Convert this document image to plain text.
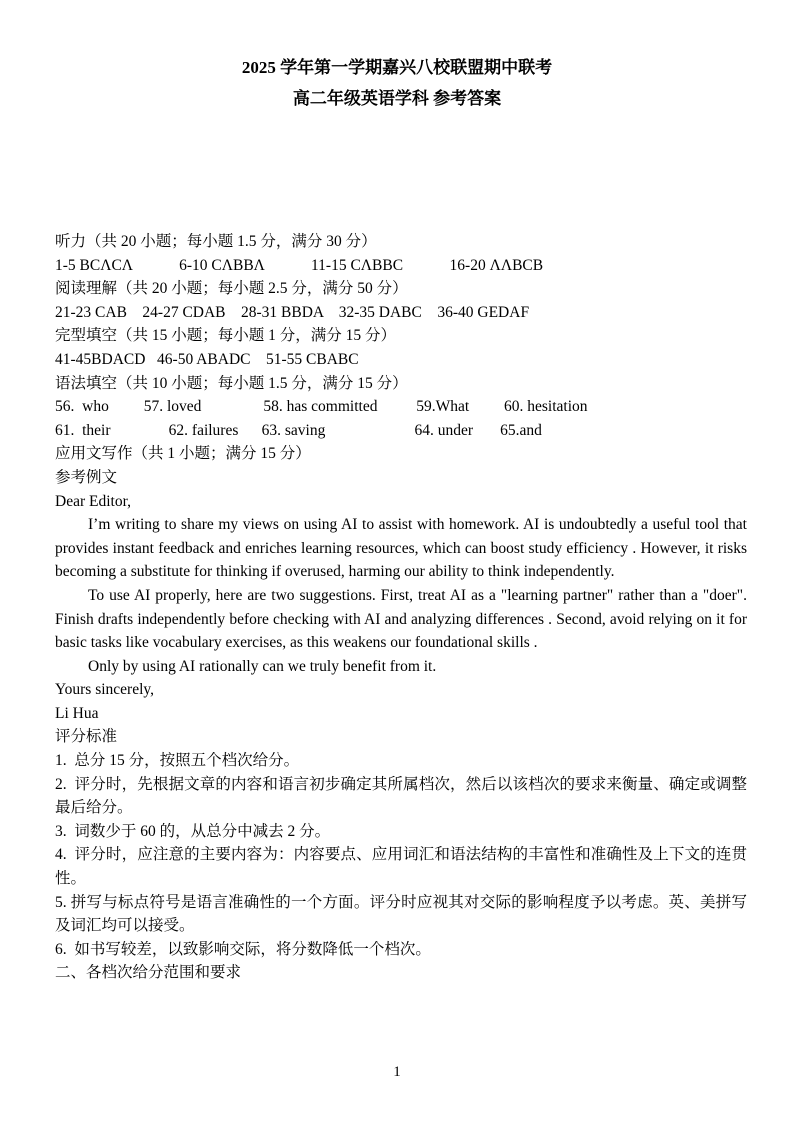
2025 学年第一学期嘉兴八校联盟期中联考
高二年级英语学科 参考答案
听力（共 20 小题；每小题 1.5 分，满分 30 分）
1-5 BCΛCΛ            6-10 CΛBBΛ            11-15 CΛBBC            16-20 ΛΛBCB
阅读理解（共 20 小题；每小题 2.5 分，满分 50 分）
21-23 CAB    24-27 CDAB    28-31 BBDA    32-35 DABC    36-40 GEDAF
完型填空（共 15 小题；每小题 1 分，满分 15 分）
41-45BDACD   46-50 ABADC    51-55 CBABC
语法填空（共 10 小题；每小题 1.5 分，满分 15 分）
56.  who         57. loved                58. has committed          59.What         60. hesitation
61.  their               62. failures      63. saving                       64. under       65.and
应用文写作（共 1 小题；满分 15 分）
参考例文
Dear Editor,
I’m writing to share my views on using AI to assist with homework. AI is undoubtedly a useful tool that provides instant feedback and enriches learning resources, which can boost study efficiency . However, it risks becoming a substitute for thinking if overused, harming our ability to think independently.
To use AI properly, here are two suggestions. First, treat AI as a "learning partner" rather than a "doer". Finish drafts independently before checking with AI and analyzing differences . Second, avoid relying on it for basic tasks like vocabulary exercises, as this weakens our foundational skills .
Only by using AI rationally can we truly benefit from it.
Yours sincerely,
Li Hua
评分标准
1.  总分 15 分，按照五个档次给分。
2.  评分时，先根据文章的内容和语言初步确定其所属档次，然后以该档次的要求来衡量、确定或调整最后给分。
3.  词数少于 60 的，从总分中减去 2 分。
4.  评分时，应注意的主要内容为：内容要点、应用词汇和语法结构的丰富性和准确性及上下文的连贯性。
5. 拼写与标点符号是语言准确性的一个方面。评分时应视其对交际的影响程度予以考虑。英、美拼写及词汇均可以接受。
6.  如书写较差，以致影响交际，将分数降低一个档次。
二、各档次给分范围和要求
1
